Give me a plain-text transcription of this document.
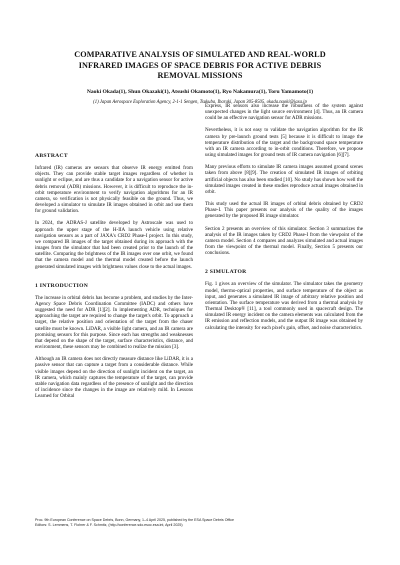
COMPARATIVE ANALYSIS OF SIMULATED AND REAL-WORLD
INFRARED IMAGES OF SPACE DEBRIS FOR ACTIVE DEBRIS
REMOVAL MISSIONS
Naoki Okada(1), Shun Okazaki(1), Atsushi Okamoto(1), Ryo Nakamura(1), Toru Yamamoto(1)
(1) Japan Aerospace Exploration Agency, 2-1-1 Sengen, Tsukuba, Ibaraki, Japan 305-8505, okada.naoki@jaxa.jp
ABSTRACT

Infrared (IR) cameras are sensors that observe IR energy emitted from objects. They can provide stable target images regardless of whether in sunlight or eclipse, and are thus a candidate for a navigation sensor for active debris removal (ADR) missions. However, it is difficult to reproduce the in-orbit temperature environment to verify navigation algorithms for an IR camera, so verification is not physically feasible on the ground. Thus, we developed a simulator to simulate IR images obtained in orbit and use them for ground validation.

In 2024, the ADRAS-J satellite developed by Astroscale was used to approach the upper stage of the H-IIA launch vehicle using relative navigation sensors as a part of JAXA's CRD2 Phase-I project. In this study, we compared IR images of the target obtained during its approach with the images from the simulator that had been created prior to the launch of the satellite. Comparing the brightness of the IR images over one orbit, we found that the camera model and the thermal model created before the launch generated simulated images with brightness values close to the actual images.

1 INTRODUCTION

The increase in orbital debris has become a problem, and studies by the Inter-Agency Space Debris Coordination Committee (IADC) and others have suggested the need for ADR [1][2]. In implementing ADR, techniques for approaching the target are required to change the target's orbit. To approach a target, the relative position and orientation of the target from the chaser satellite must be known. LiDAR, a visible light camera, and an IR camera are promising sensors for this purpose. Since each has strengths and weaknesses that depend on the shape of the target, surface characteristics, distance, and environment, these sensors may be combined to realize the mission [3].

Although an IR camera does not directly measure distance like LiDAR, it is a passive sensor that can capture a target from a considerable distance. While visible images depend on the direction of sunlight incident on the target, an IR camera, which mainly captures the temperature of the target, can provide stable navigation data regardless of the presence of sunlight and the direction of incidence since the changes in the image are relatively mild. In Lessons Learned for Orbital

Express, IR sensors also increase the robustness of the system against unexpected changes in the light source environment [4]. Thus, an IR camera could be an effective navigation sensor for ADR missions.

Nevertheless, it is not easy to validate the navigation algorithm for the IR camera by pre-launch ground tests [5] because it is difficult to image the temperature distribution of the target and the background space temperature with an IR camera according to in-orbit conditions. Therefore, we propose using simulated images for ground tests of IR camera navigation [6][7].

Many previous efforts to simulate IR camera images assumed ground scenes taken from above [8][9]. The creation of simulated IR images of orbiting artificial objects has also been studied [10]. No study has shown how well the simulated images created in these studies reproduce actual images obtained in orbit.

This study used the actual IR images of orbital debris obtained by CRD2 Phase-I. This paper presents our analysis of the quality of the images generated by the proposed IR image simulator.

Section 2 presents an overview of this simulator. Section 3 summarizes the analysis of the IR images taken by CRD2 Phase-I from the viewpoint of the camera model. Section 4 compares and analyzes simulated and actual images from the viewpoint of the thermal model. Finally, Section 5 presents our conclusions.

2 SIMULATOR

Fig. 1 gives an overview of the simulator. The simulator takes the geometry model, thermo-optical properties, and surface temperature of the object as input, and generates a simulated IR image of arbitrary relative position and orientation. The surface temperature was derived from a thermal analysis by Thermal Desktop® [11], a tool commonly used in spacecraft design. The simulated IR energy incident on the camera elements was calculated from the IR emission and reflection models, and the output IR image was obtained by calculating the intensity for each pixel's gain, offset, and noise characteristics.

Proc. 9th European Conference on Space Debris, Bonn, Germany, 1–4 April 2025, published by the ESA Space Debris Office
Editors: S. Lemmens, T. Flohrer & F. Schmitz, (http://conference.sdo.esoc.esa.int, April 2025)
